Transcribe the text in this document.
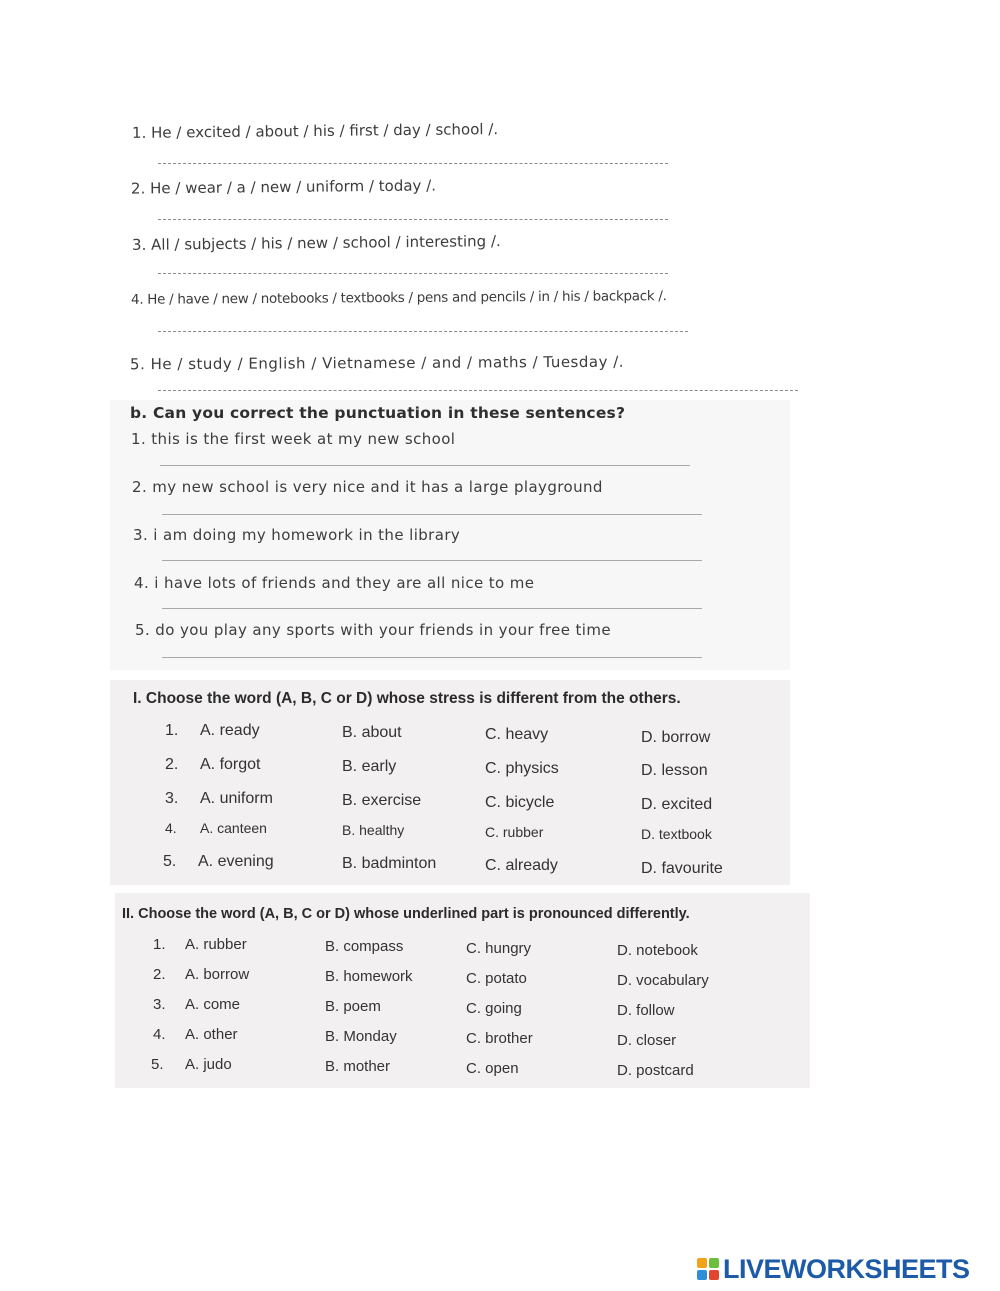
1. He / excited / about / his / first / day / school /.
2. He / wear / a / new / uniform / today /.
3. All / subjects / his / new / school / interesting /.
4. He / have / new / notebooks / textbooks / pens and pencils / in / his / backpack /.
5. He / study / English / Vietnamese / and / maths / Tuesday /.
b. Can you correct the punctuation in these sentences?
1. this is the first week at my new school
2. my new school is very nice and it has a large playground
3. i am doing my homework in the library
4. i have lots of friends and they are all nice to me
5. do you play any sports with your friends in your free time
I. Choose the word (A, B, C or D) whose stress is different from the others.
1. A. ready	B. about	C. heavy	D. borrow
2. A. forgot	B. early	C. physics	D. lesson
3. A. uniform	B. exercise	C. bicycle	D. excited
4. A. canteen	B. healthy	C. rubber	D. textbook
5. A. evening	B. badminton	C. already	D. favourite
II. Choose the word (A, B, C or D) whose underlined part is pronounced differently.
1. A. rubber	B. compass	C. hungry	D. notebook
2. A. borrow	B. homework	C. potato	D. vocabulary
3. A. come	B. poem	C. going	D. follow
4. A. other	B. Monday	C. brother	D. closer
5. A. judo	B. mother	C. open	D. postcard
LIVEWORKSHEETS
